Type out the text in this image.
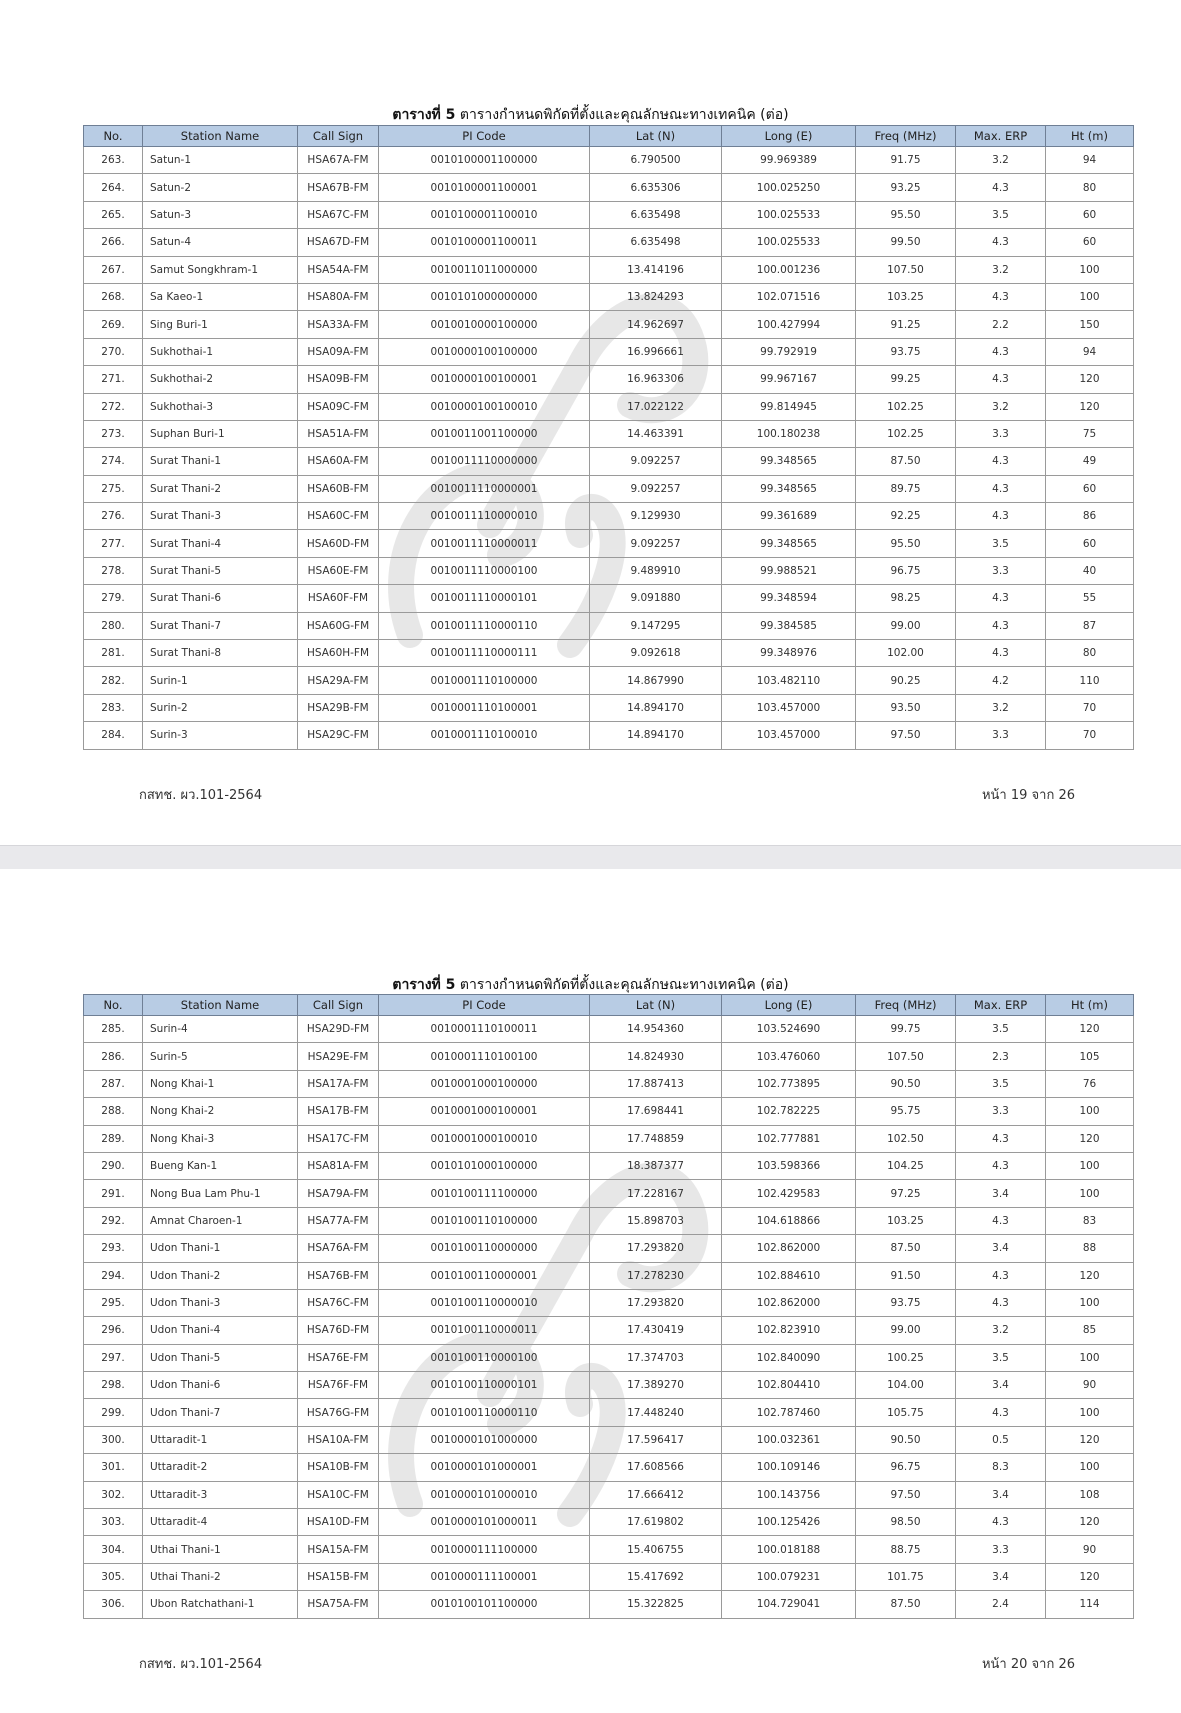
ตารางที่ 5 ตารางกำหนดพิกัดที่ตั้งและคุณลักษณะทางเทคนิค (ต่อ)
No.	Station Name	Call Sign	PI Code	Lat (N)	Long (E)	Freq (MHz)	Max. ERP	Ht (m)
263.	Satun-1	HSA67A-FM	0010100001100000	6.790500	99.969389	91.75	3.2	94
264.	Satun-2	HSA67B-FM	0010100001100001	6.635306	100.025250	93.25	4.3	80
265.	Satun-3	HSA67C-FM	0010100001100010	6.635498	100.025533	95.50	3.5	60
266.	Satun-4	HSA67D-FM	0010100001100011	6.635498	100.025533	99.50	4.3	60
267.	Samut Songkhram-1	HSA54A-FM	0010011011000000	13.414196	100.001236	107.50	3.2	100
268.	Sa Kaeo-1	HSA80A-FM	0010101000000000	13.824293	102.071516	103.25	4.3	100
269.	Sing Buri-1	HSA33A-FM	0010010000100000	14.962697	100.427994	91.25	2.2	150
270.	Sukhothai-1	HSA09A-FM	0010000100100000	16.996661	99.792919	93.75	4.3	94
271.	Sukhothai-2	HSA09B-FM	0010000100100001	16.963306	99.967167	99.25	4.3	120
272.	Sukhothai-3	HSA09C-FM	0010000100100010	17.022122	99.814945	102.25	3.2	120
273.	Suphan Buri-1	HSA51A-FM	0010011001100000	14.463391	100.180238	102.25	3.3	75
274.	Surat Thani-1	HSA60A-FM	0010011110000000	9.092257	99.348565	87.50	4.3	49
275.	Surat Thani-2	HSA60B-FM	0010011110000001	9.092257	99.348565	89.75	4.3	60
276.	Surat Thani-3	HSA60C-FM	0010011110000010	9.129930	99.361689	92.25	4.3	86
277.	Surat Thani-4	HSA60D-FM	0010011110000011	9.092257	99.348565	95.50	3.5	60
278.	Surat Thani-5	HSA60E-FM	0010011110000100	9.489910	99.988521	96.75	3.3	40
279.	Surat Thani-6	HSA60F-FM	0010011110000101	9.091880	99.348594	98.25	4.3	55
280.	Surat Thani-7	HSA60G-FM	0010011110000110	9.147295	99.384585	99.00	4.3	87
281.	Surat Thani-8	HSA60H-FM	0010011110000111	9.092618	99.348976	102.00	4.3	80
282.	Surin-1	HSA29A-FM	0010001110100000	14.867990	103.482110	90.25	4.2	110
283.	Surin-2	HSA29B-FM	0010001110100001	14.894170	103.457000	93.50	3.2	70
284.	Surin-3	HSA29C-FM	0010001110100010	14.894170	103.457000	97.50	3.3	70
กสทช. ผว.101-2564	หน้า 19 จาก 26
ตารางที่ 5 ตารางกำหนดพิกัดที่ตั้งและคุณลักษณะทางเทคนิค (ต่อ)
No.	Station Name	Call Sign	PI Code	Lat (N)	Long (E)	Freq (MHz)	Max. ERP	Ht (m)
285.	Surin-4	HSA29D-FM	0010001110100011	14.954360	103.524690	99.75	3.5	120
286.	Surin-5	HSA29E-FM	0010001110100100	14.824930	103.476060	107.50	2.3	105
287.	Nong Khai-1	HSA17A-FM	0010001000100000	17.887413	102.773895	90.50	3.5	76
288.	Nong Khai-2	HSA17B-FM	0010001000100001	17.698441	102.782225	95.75	3.3	100
289.	Nong Khai-3	HSA17C-FM	0010001000100010	17.748859	102.777881	102.50	4.3	120
290.	Bueng Kan-1	HSA81A-FM	0010101000100000	18.387377	103.598366	104.25	4.3	100
291.	Nong Bua Lam Phu-1	HSA79A-FM	0010100111100000	17.228167	102.429583	97.25	3.4	100
292.	Amnat Charoen-1	HSA77A-FM	0010100110100000	15.898703	104.618866	103.25	4.3	83
293.	Udon Thani-1	HSA76A-FM	0010100110000000	17.293820	102.862000	87.50	3.4	88
294.	Udon Thani-2	HSA76B-FM	0010100110000001	17.278230	102.884610	91.50	4.3	120
295.	Udon Thani-3	HSA76C-FM	0010100110000010	17.293820	102.862000	93.75	4.3	100
296.	Udon Thani-4	HSA76D-FM	0010100110000011	17.430419	102.823910	99.00	3.2	85
297.	Udon Thani-5	HSA76E-FM	0010100110000100	17.374703	102.840090	100.25	3.5	100
298.	Udon Thani-6	HSA76F-FM	0010100110000101	17.389270	102.804410	104.00	3.4	90
299.	Udon Thani-7	HSA76G-FM	0010100110000110	17.448240	102.787460	105.75	4.3	100
300.	Uttaradit-1	HSA10A-FM	0010000101000000	17.596417	100.032361	90.50	0.5	120
301.	Uttaradit-2	HSA10B-FM	0010000101000001	17.608566	100.109146	96.75	8.3	100
302.	Uttaradit-3	HSA10C-FM	0010000101000010	17.666412	100.143756	97.50	3.4	108
303.	Uttaradit-4	HSA10D-FM	0010000101000011	17.619802	100.125426	98.50	4.3	120
304.	Uthai Thani-1	HSA15A-FM	0010000111100000	15.406755	100.018188	88.75	3.3	90
305.	Uthai Thani-2	HSA15B-FM	0010000111100001	15.417692	100.079231	101.75	3.4	120
306.	Ubon Ratchathani-1	HSA75A-FM	0010100101100000	15.322825	104.729041	87.50	2.4	114
กสทช. ผว.101-2564	หน้า 20 จาก 26
